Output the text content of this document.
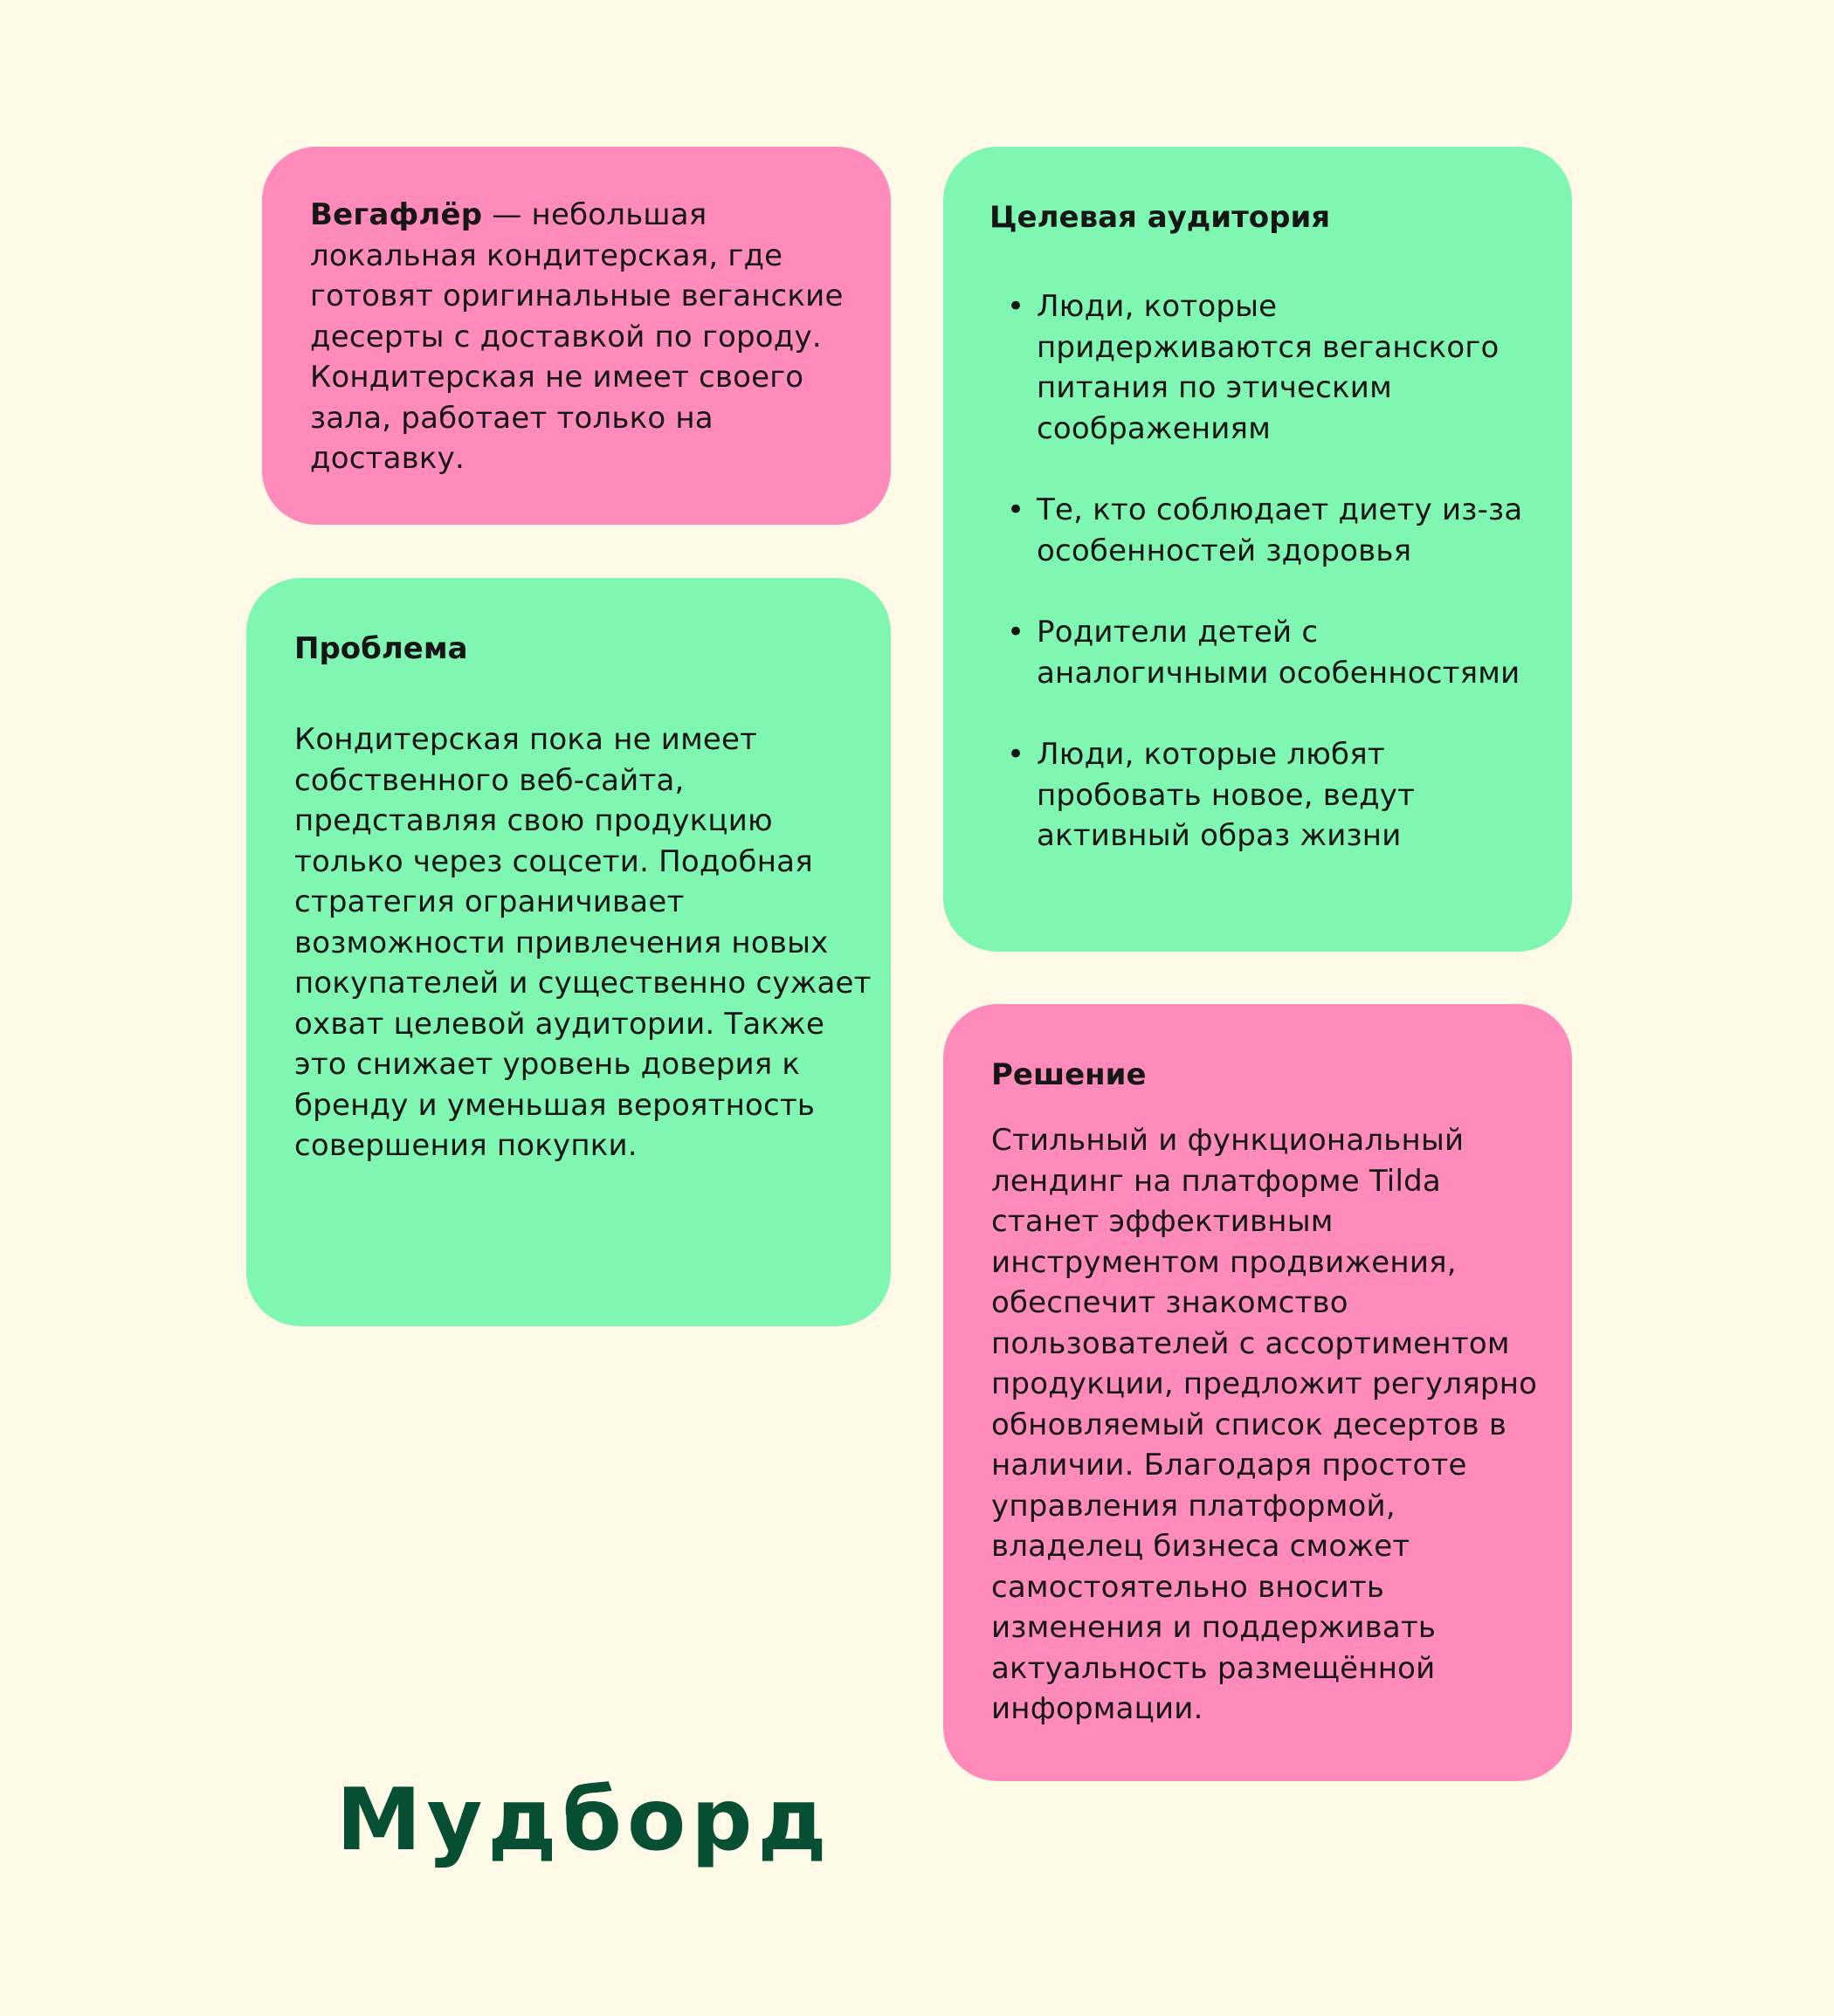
Вегафлёр — небольшая локальная кондитерская, где готовят оригинальные веганские десерты с доставкой по городу. Кондитерская не имеет своего зала, работает только на доставку.

Целевая аудитория
• Люди, которые придерживаются веганского питания по этическим соображениям

• Те, кто соблюдает диету из-за особенностей здоровья

• Родители детей с аналогичными особенностями

• Люди, которые любят пробовать новое, ведут активный образ жизни

Проблема

Кондитерская пока не имеет собственного веб-сайта, представляя свою продукцию только через соцсети. Подобная стратегия ограничивает возможности привлечения новых покупателей и существенно сужает охват целевой аудитории. Также это снижает уровень доверия к бренду и уменьшая вероятность совершения покупки.

Решение

Стильный и функциональный лендинг на платформе Tilda станет эффективным инструментом продвижения, обеспечит знакомство пользователей с ассортиментом продукции, предложит регулярно обновляемый список десертов в наличии. Благодаря простоте управления платформой, владелец бизнеса сможет самостоятельно вносить изменения и поддерживать актуальность размещённой информации.

Мудборд
